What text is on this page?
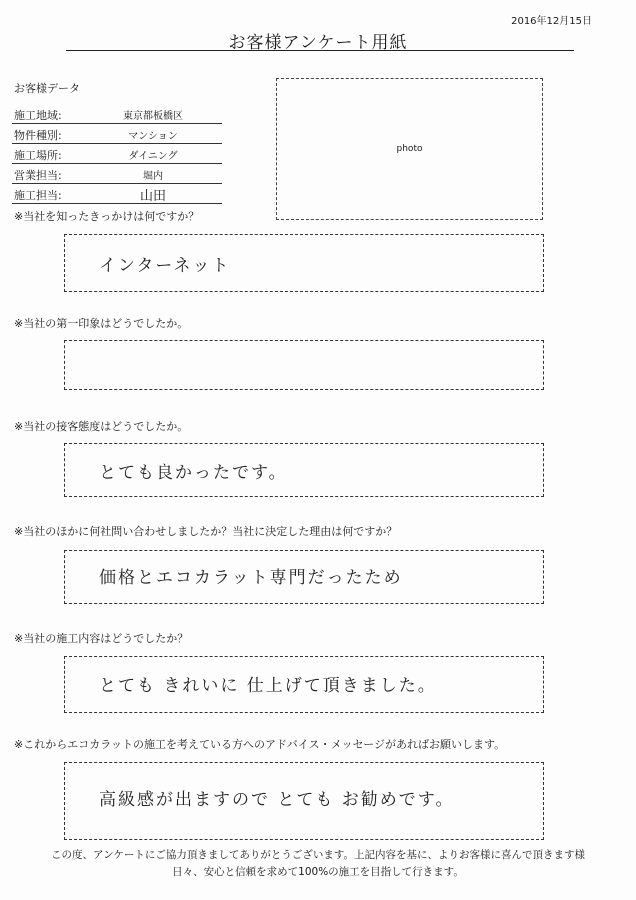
2016年12月15日
お客様アンケート用紙
お客様データ
施工地域:	東京都板橋区
物件種別:	マンション
施工場所:	ダイニング
営業担当:	堀内
施工担当:	山田
photo
※当社を知ったきっかけは何ですか？
インターネット
※当社の第一印象はどうでしたか。
※当社の接客態度はどうでしたか。
とても良かったです。
※当社のほかに何社問い合わせしましたか？当社に決定した理由は何ですか？
価格とエコカラット専門だったため
※当社の施工内容はどうでしたか？
とても きれいに 仕上げて頂きました。
※これからエコカラットの施工を考えている方へのアドバイス・メッセージがあればお願いします。
高級感が出ますので とても お勧めです。
この度、アンケートにご協力頂きましてありがとうございます。上記内容を基に、よりお客様に喜んで頂きます様
日々、安心と信頼を求めて100%の施工を目指して行きます。
